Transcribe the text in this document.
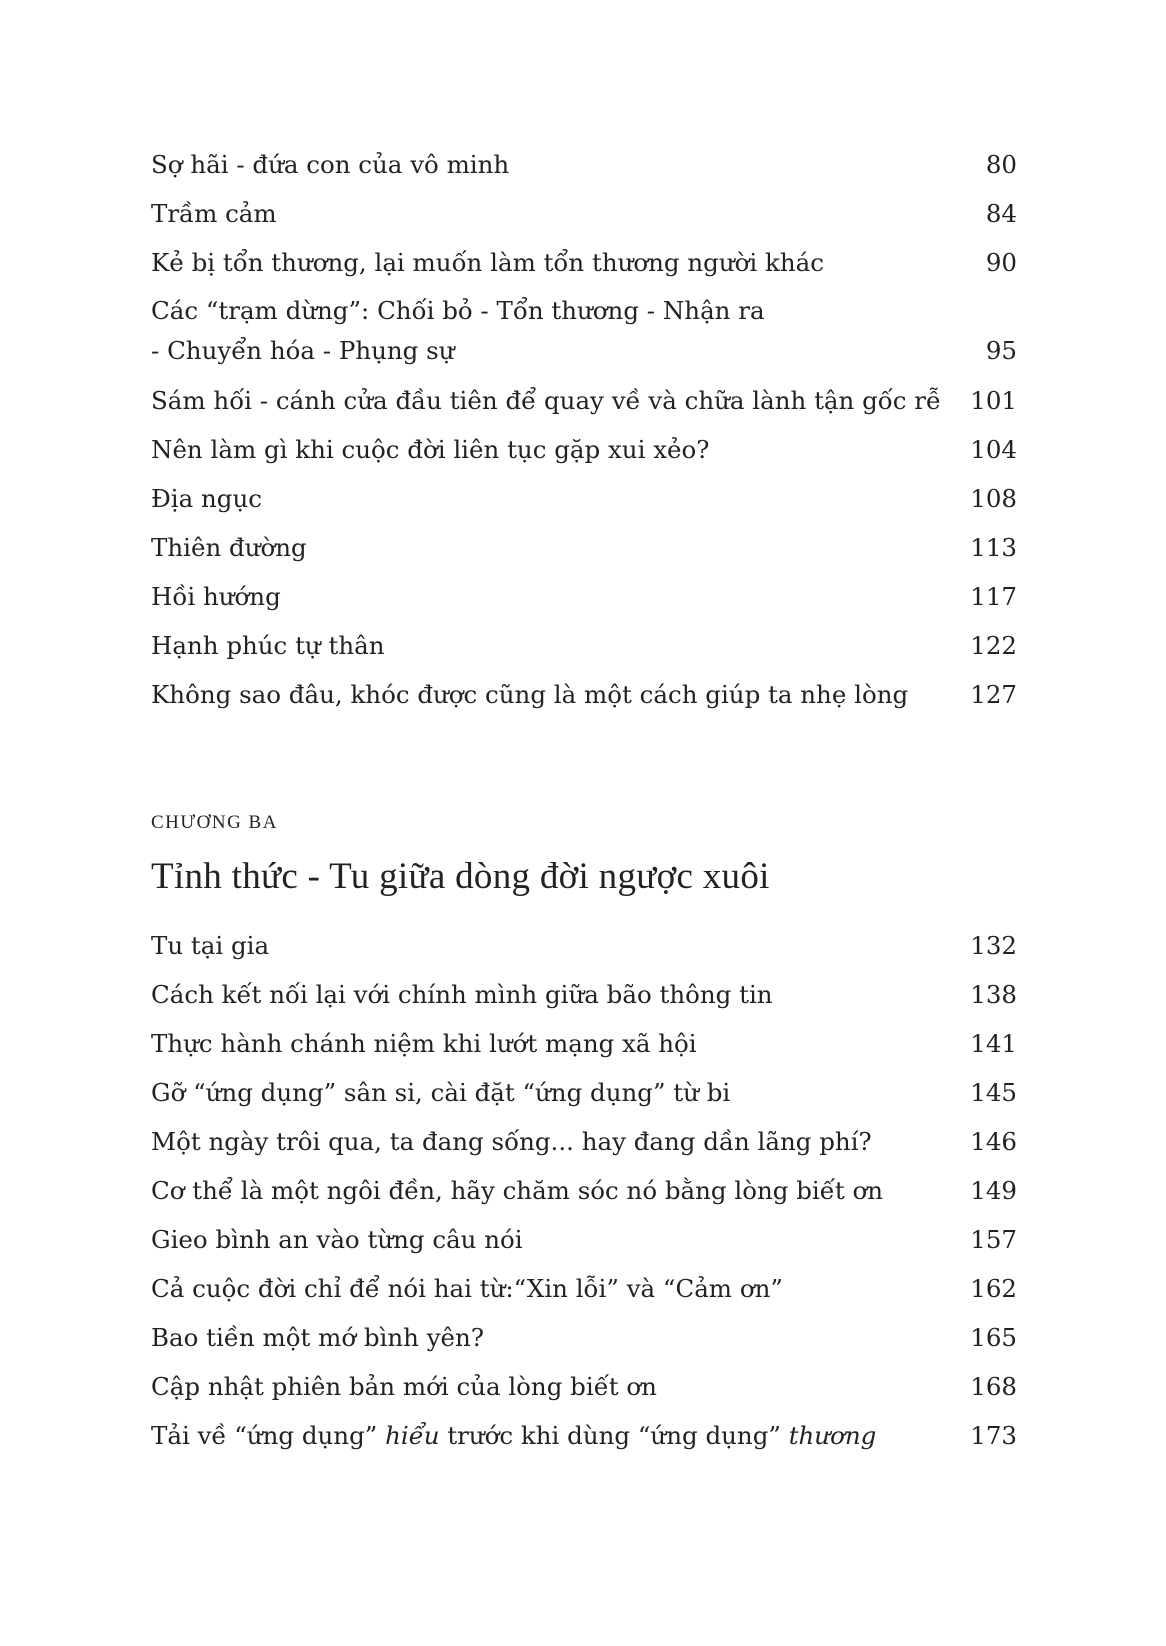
Sợ hãi - đứa con của vô minh	80
Trầm cảm	84
Kẻ bị tổn thương, lại muốn làm tổn thương người khác	90
Các “trạm dừng”: Chối bỏ - Tổn thương - Nhận ra
- Chuyển hóa - Phụng sự	95
Sám hối - cánh cửa đầu tiên để quay về và chữa lành tận gốc rễ	101
Nên làm gì khi cuộc đời liên tục gặp xui xẻo?	104
Địa ngục	108
Thiên đường	113
Hồi hướng	117
Hạnh phúc tự thân	122
Không sao đâu, khóc được cũng là một cách giúp ta nhẹ lòng	127
CHƯƠNG BA
Tỉnh thức - Tu giữa dòng đời ngược xuôi
Tu tại gia	132
Cách kết nối lại với chính mình giữa bão thông tin	138
Thực hành chánh niệm khi lướt mạng xã hội	141
Gỡ “ứng dụng” sân si, cài đặt “ứng dụng” từ bi	145
Một ngày trôi qua, ta đang sống... hay đang dần lãng phí?	146
Cơ thể là một ngôi đền, hãy chăm sóc nó bằng lòng biết ơn	149
Gieo bình an vào từng câu nói	157
Cả cuộc đời chỉ để nói hai từ:“Xin lỗi” và “Cảm ơn”	162
Bao tiền một mớ bình yên?	165
Cập nhật phiên bản mới của lòng biết ơn	168
Tải về “ứng dụng” hiểu trước khi dùng “ứng dụng” thương	173
